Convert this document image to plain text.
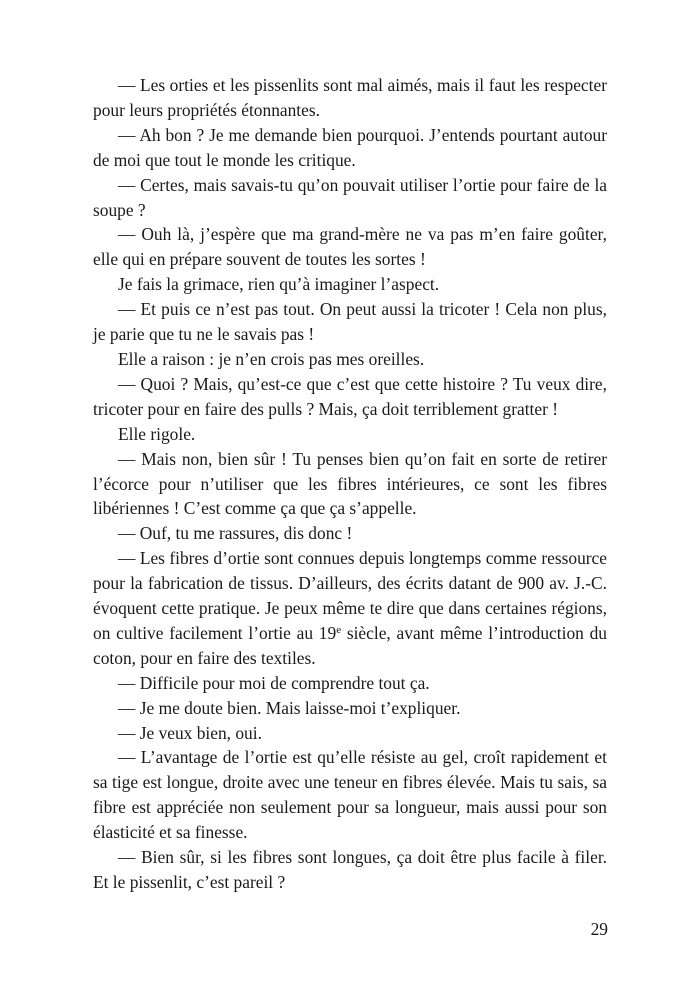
— Les orties et les pissenlits sont mal aimés, mais il faut les respecter pour leurs propriétés étonnantes.

— Ah bon ? Je me demande bien pourquoi. J’entends pourtant autour de moi que tout le monde les critique.

— Certes, mais savais-tu qu’on pouvait utiliser l’ortie pour faire de la soupe ?

— Ouh là, j’espère que ma grand-mère ne va pas m’en faire goûter, elle qui en prépare souvent de toutes les sortes !

Je fais la grimace, rien qu’à imaginer l’aspect.

— Et puis ce n’est pas tout. On peut aussi la tricoter ! Cela non plus, je parie que tu ne le savais pas !

Elle a raison : je n’en crois pas mes oreilles.

— Quoi ? Mais, qu’est-ce que c’est que cette histoire ? Tu veux dire, tricoter pour en faire des pulls ? Mais, ça doit terriblement gratter !

Elle rigole.

— Mais non, bien sûr ! Tu penses bien qu’on fait en sorte de retirer l’écorce pour n’utiliser que les fibres intérieures, ce sont les fibres libériennes ! C’est comme ça que ça s’appelle.

— Ouf, tu me rassures, dis donc !

— Les fibres d’ortie sont connues depuis longtemps comme ressource pour la fabrication de tissus. D’ailleurs, des écrits datant de 900 av. J.-C. évoquent cette pratique. Je peux même te dire que dans certaines régions, on cultive facilement l’ortie au 19e siècle, avant même l’introduction du coton, pour en faire des textiles.

— Difficile pour moi de comprendre tout ça.

— Je me doute bien. Mais laisse-moi t’expliquer.

— Je veux bien, oui.

— L’avantage de l’ortie est qu’elle résiste au gel, croît rapidement et sa tige est longue, droite avec une teneur en fibres élevée. Mais tu sais, sa fibre est appréciée non seulement pour sa longueur, mais aussi pour son élasticité et sa finesse.

— Bien sûr, si les fibres sont longues, ça doit être plus facile à filer. Et le pissenlit, c’est pareil ?

29
